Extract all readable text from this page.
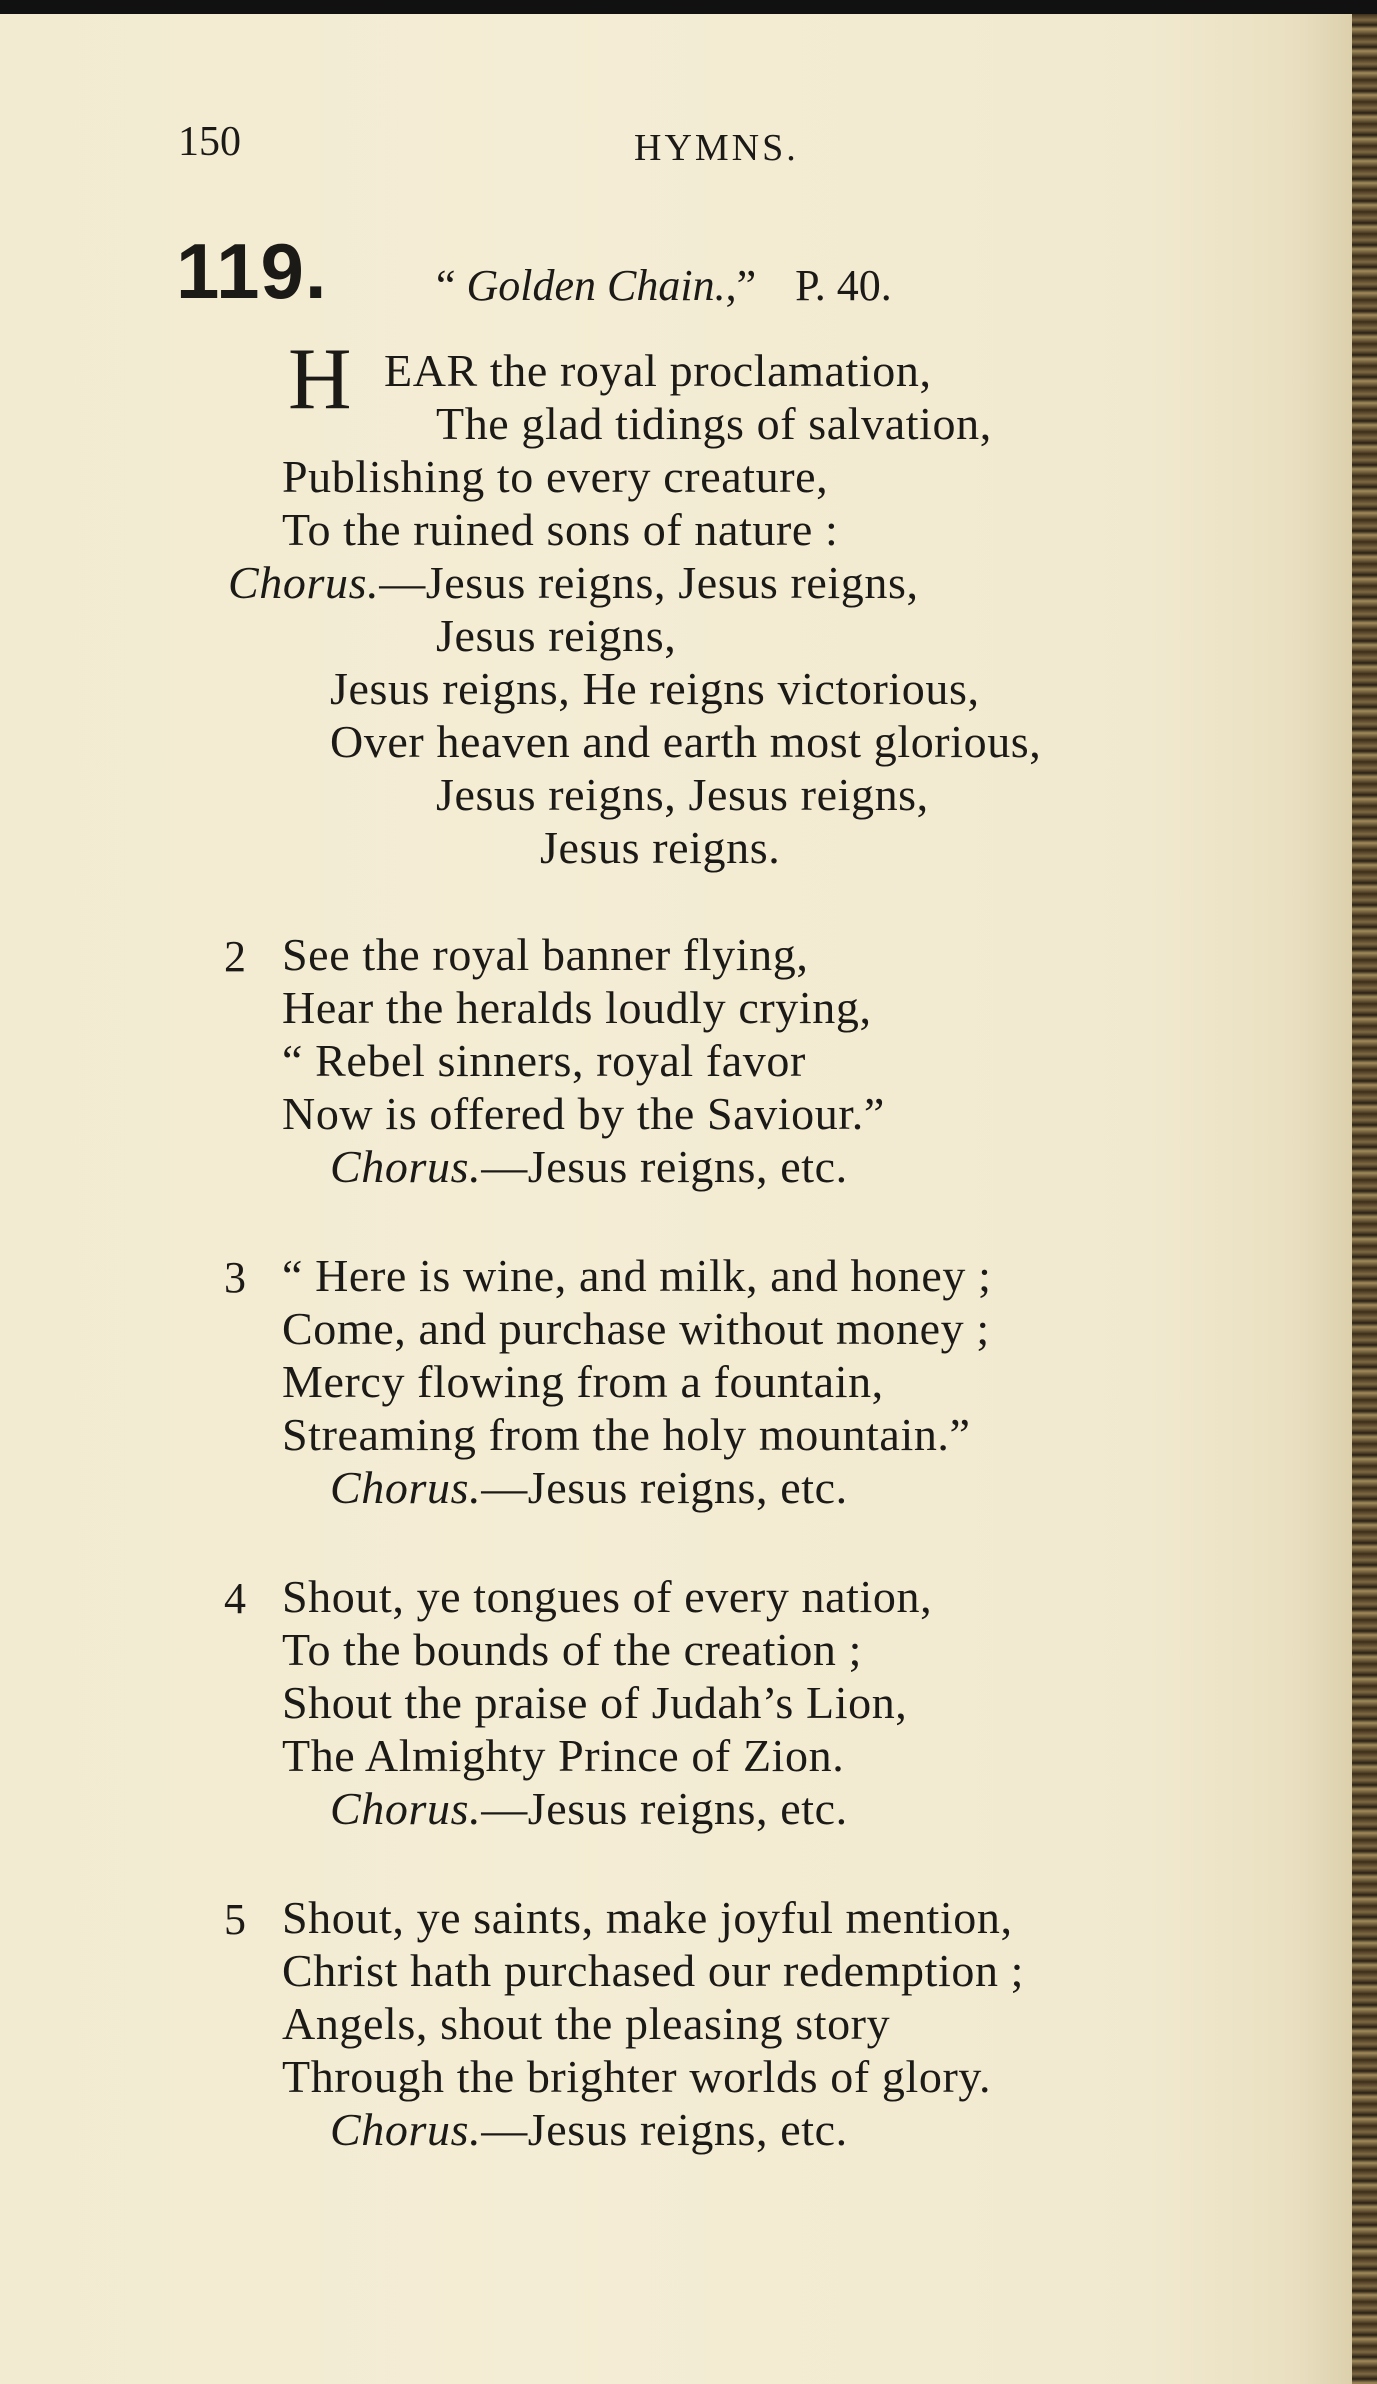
150	HYMNS.
119. “ Golden Chain.,” P. 40.
H EAR the royal proclamation,
The glad tidings of salvation,
Publishing to every creature,
To the ruined sons of nature :
Chorus.—Jesus reigns, Jesus reigns,
Jesus reigns,
Jesus reigns, He reigns victorious,
Over heaven and earth most glorious,
Jesus reigns, Jesus reigns,
Jesus reigns.
2 See the royal banner flying,
Hear the heralds loudly crying,
“ Rebel sinners, royal favor
Now is offered by the Saviour.”
Chorus.—Jesus reigns, etc.
3 “ Here is wine, and milk, and honey ;
Come, and purchase without money ;
Mercy flowing from a fountain,
Streaming from the holy mountain.”
Chorus.—Jesus reigns, etc.
4 Shout, ye tongues of every nation,
To the bounds of the creation ;
Shout the praise of Judah’s Lion,
The Almighty Prince of Zion.
Chorus.—Jesus reigns, etc.
5 Shout, ye saints, make joyful mention,
Christ hath purchased our redemption ;
Angels, shout the pleasing story
Through the brighter worlds of glory.
Chorus.—Jesus reigns, etc.
